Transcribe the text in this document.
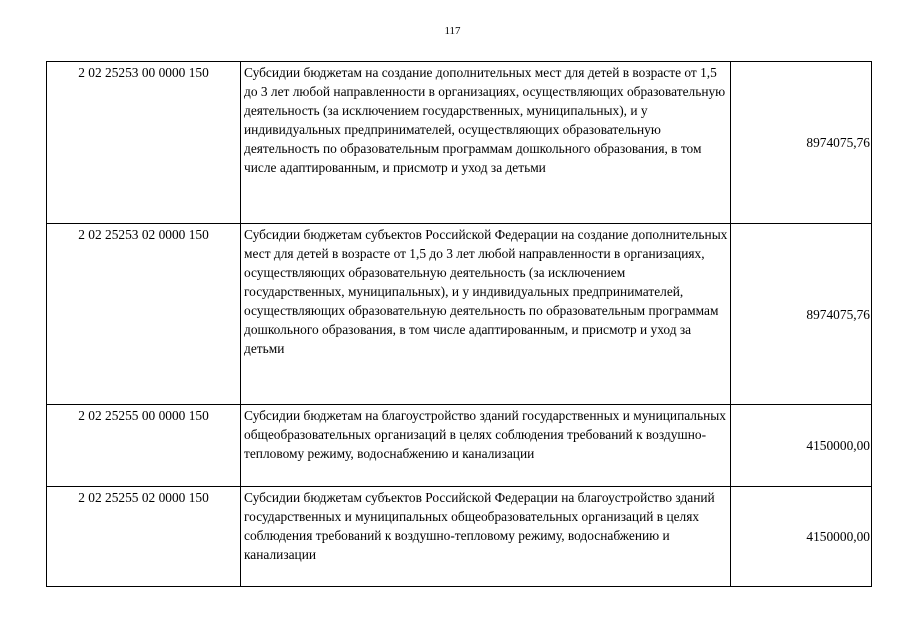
117
2 02 25253 00 0000 150	Субсидии бюджетам на создание дополнительных мест для детей в возрасте от 1,5 до 3 лет любой направленности в организациях, осуществляющих образовательную деятельность (за исключением государственных, муниципальных), и у индивидуальных предпринимателей, осуществляющих образовательную деятельность по образовательным программам дошкольного образования, в том числе адаптированным, и присмотр и уход за детьми	8974075,76
2 02 25253 02 0000 150	Субсидии бюджетам субъектов Российской Федерации на создание дополнительных мест для детей в возрасте от 1,5 до 3 лет любой направленности в организациях, осуществляющих образовательную деятельность (за исключением государственных, муниципальных), и у индивидуальных предпринимателей, осуществляющих образовательную деятельность по образовательным программам дошкольного образования, в том числе адаптированным, и присмотр и уход за детьми	8974075,76
2 02 25255 00 0000 150	Субсидии бюджетам на благоустройство зданий государственных и муниципальных общеобразовательных организаций в целях соблюдения требований к воздушно-тепловому режиму, водоснабжению и канализации	4150000,00
2 02 25255 02 0000 150	Субсидии бюджетам субъектов Российской Федерации на благоустройство зданий государственных и муниципальных общеобразовательных организаций в целях соблюдения требований к воздушно-тепловому режиму, водоснабжению и канализации	4150000,00
